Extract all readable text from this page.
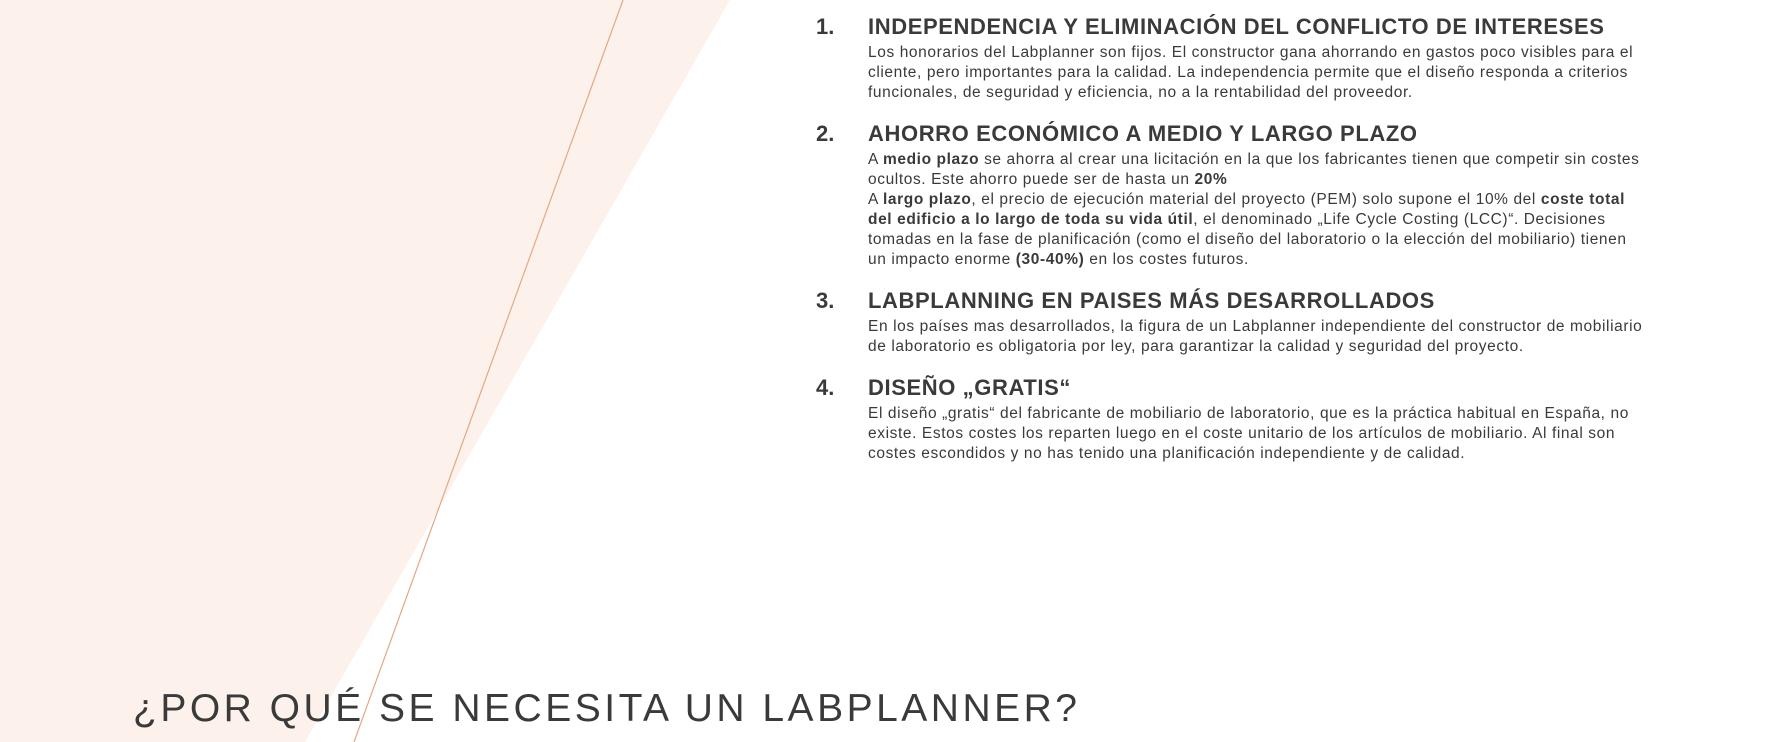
1. INDEPENDENCIA Y ELIMINACIÓN DEL CONFLICTO DE INTERESES
Los honorarios del Labplanner son fijos. El constructor gana ahorrando en gastos poco visibles para el cliente, pero importantes para la calidad. La independencia permite que el diseño responda a criterios funcionales, de seguridad y eficiencia, no a la rentabilidad del proveedor.
2. AHORRO ECONÓMICO A MEDIO Y LARGO PLAZO
A medio plazo se ahorra al crear una licitación en la que los fabricantes tienen que competir sin costes ocultos. Este ahorro puede ser de hasta un 20%
A largo plazo, el precio de ejecución material del proyecto (PEM) solo supone el 10% del coste total del edificio a lo largo de toda su vida útil, el denominado „Life Cycle Costing (LCC)“. Decisiones tomadas en la fase de planificación (como el diseño del laboratorio o la elección del mobiliario) tienen un impacto enorme (30-40%) en los costes futuros.
3. LABPLANNING EN PAISES MÁS DESARROLLADOS
En los países mas desarrollados, la figura de un Labplanner independiente del constructor de mobiliario de laboratorio es obligatoria por ley, para garantizar la calidad y seguridad del proyecto.
4. DISEÑO „GRATIS“
El diseño „gratis“ del fabricante de mobiliario de laboratorio, que es la práctica habitual en España, no existe. Estos costes los reparten luego en el coste unitario de los artículos de mobiliario. Al final son costes escondidos y no has tenido una planificación independiente y de calidad.
¿POR QUÉ SE NECESITA UN LABPLANNER?
